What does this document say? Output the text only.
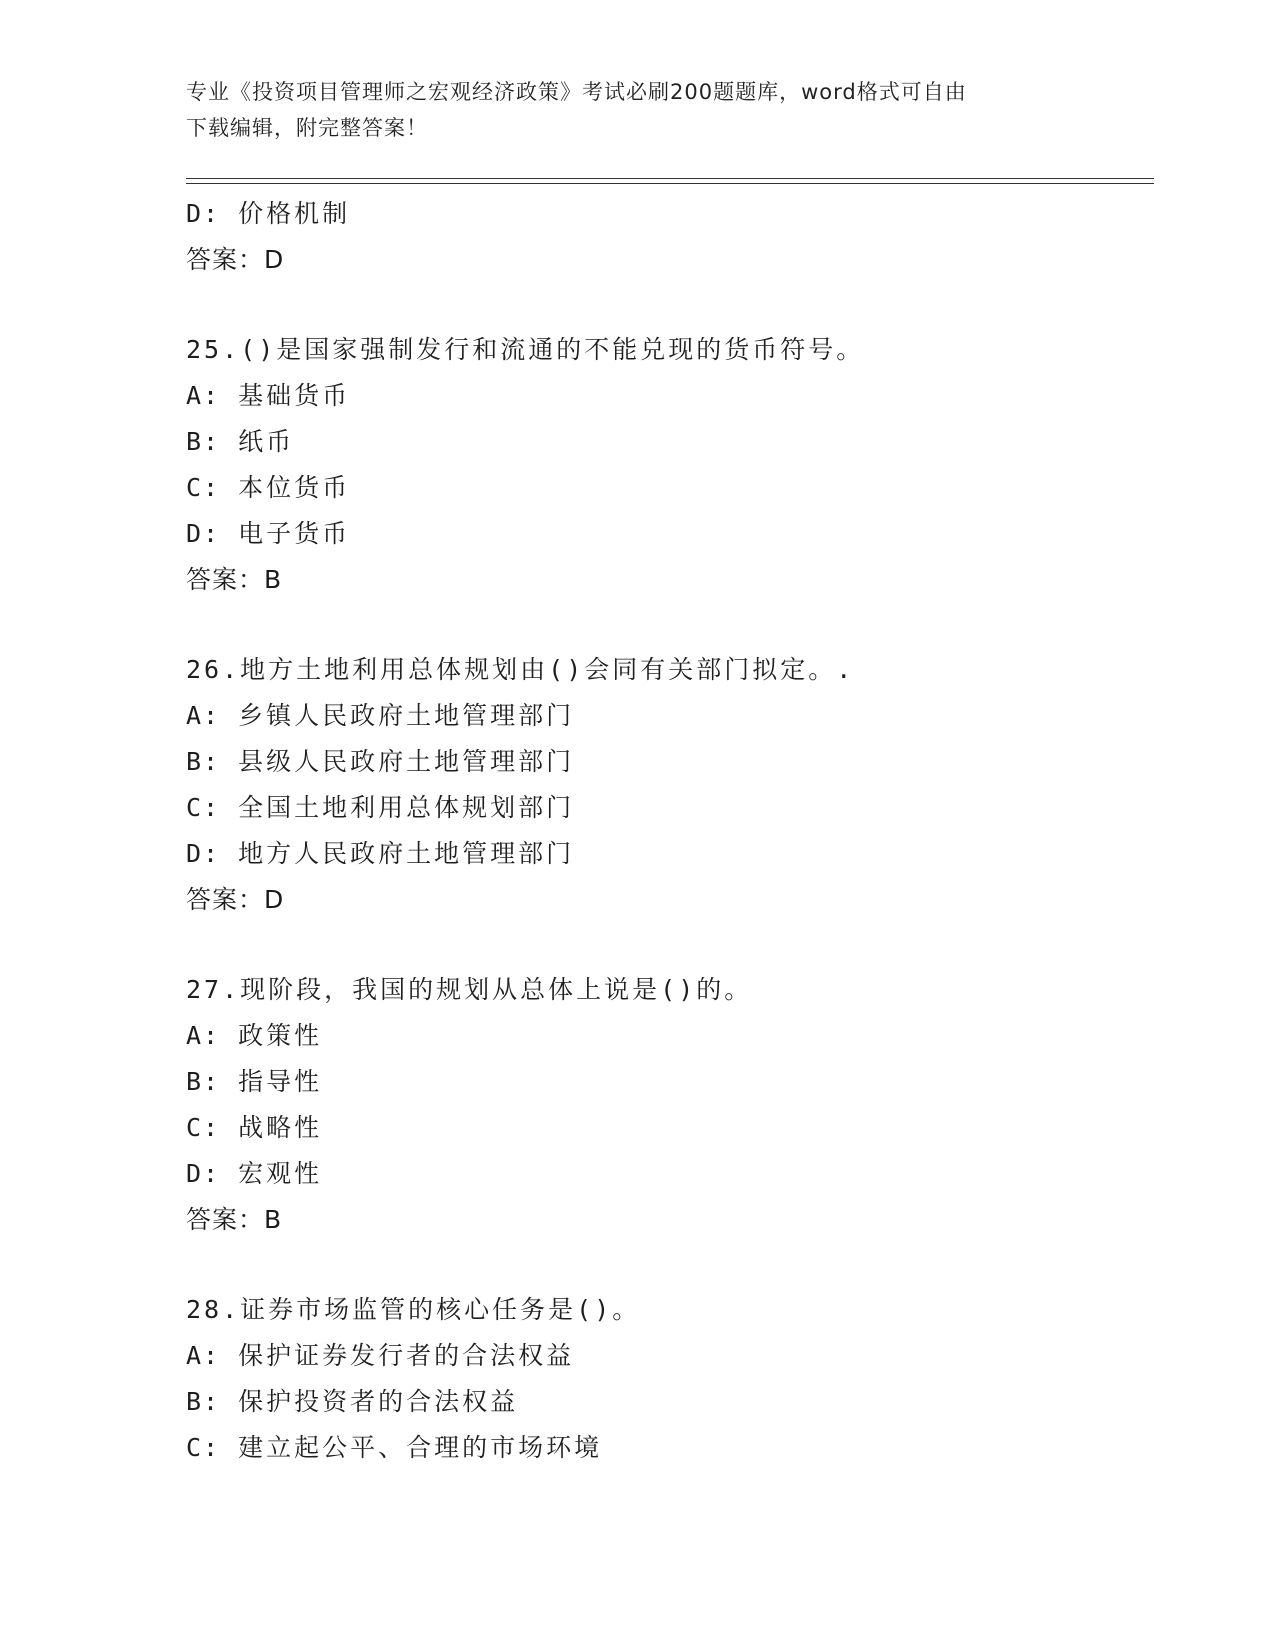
专业《投资项目管理师之宏观经济政策》考试必刷200题题库，word格式可自由
下载编辑，附完整答案！
D: 价格机制
答案：D
25.()是国家强制发行和流通的不能兑现的货币符号。
A: 基础货币
B: 纸币
C: 本位货币
D: 电子货币
答案：B
26.地方土地利用总体规划由()会同有关部门拟定。.
A: 乡镇人民政府土地管理部门
B: 县级人民政府土地管理部门
C: 全国土地利用总体规划部门
D: 地方人民政府土地管理部门
答案：D
27.现阶段，我国的规划从总体上说是()的。
A: 政策性
B: 指导性
C: 战略性
D: 宏观性
答案：B
28.证券市场监管的核心任务是()。
A: 保护证券发行者的合法权益
B: 保护投资者的合法权益
C: 建立起公平、合理的市场环境
